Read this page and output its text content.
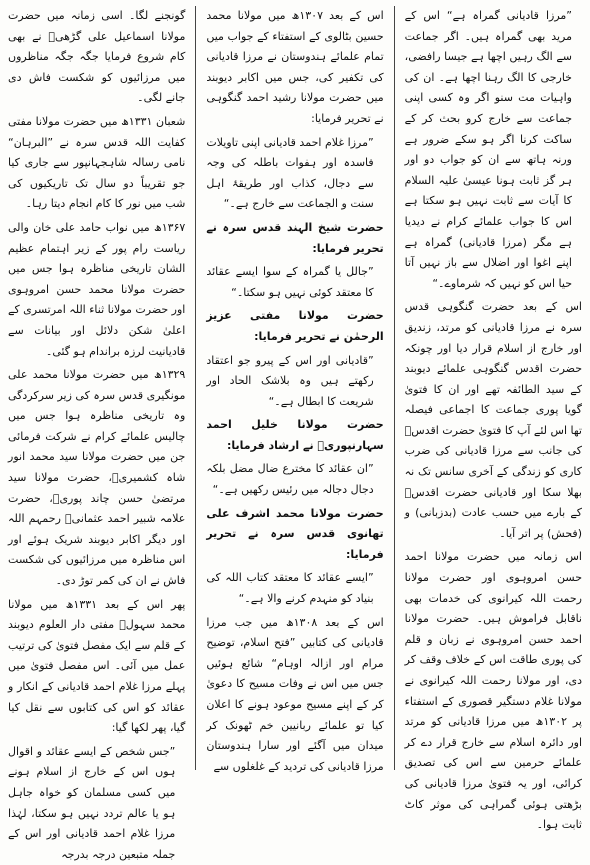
”مرزا قادیانی گمراہ ہے“ اس کے مرید بھی گمراہ ہیں۔ اگر جماعت سے الگ رہیں اچھا ہے جیسا رافضی، خارجی کا الگ رہنا اچھا ہے۔ ان کی واہیات مت سنو اگر وہ کسی اپنی جماعت سے خارج کرو بحث کر کے ساکت کرنا اگر ہو سکے ضرور ہے ورنہ ہاتھ سے ان کو جواب دو اور ہر گز ثابت ہونا عیسیٰ علیہ السلام کا آیات سے ثابت نہیں ہو سکتا ہے اس کا جواب علمائے کرام نے دیدیا ہے مگر (مرزا قادیانی) گمراہ ہے اپنے اغوا اور اضلال سے باز نہیں آتا حیا اس کو نہیں کہ شرماوے۔“

اس کے بعد حضرت گنگوہی قدس سرہ نے مرزا قادیانی کو مرتد، زندیق اور خارج از اسلام قرار دیا اور چونکہ حضرت اقدس گنگوہی علمائے دیوبند کے سید الطائفہ تھے اور ان کا فتویٰ گویا پوری جماعت کا اجماعی فیصلہ تھا اس لئے آپ کا فتویٰ حضرت اقدسؒ کی جانب سے مرزا قادیانی کی ضرب کاری کو زندگی کے آخری سانس تک نہ بھلا سکا اور قادیانی حضرت اقدسؒ کے بارے میں حسب عادت (بدزبانی) و (فحش) پر اتر آیا۔

اس زمانہ میں حضرت مولانا احمد حسن امروہوی اور حضرت مولانا رحمت اللہ کیرانوی کی خدمات بھی ناقابل فراموش ہیں۔ حضرت مولانا احمد حسن امروہوی نے زبان و قلم کی پوری طاقت اس کے خلاف وقف کر دی، اور مولانا رحمت اللہ کیرانوی نے مولانا غلام دستگیر قصوری کے استفتاء پر ۱۳۰۲ھ میں مرزا قادیانی کو مرتد اور دائرہ اسلام سے خارج قرار دے کر علمائے حرمین سے اس کی تصدیق کرائی، اور یہ فتویٰ مرزا قادیانی کی بڑھتی ہوئی گمراہی کی موثر کاٹ ثابت ہوا۔

اس کے بعد ۱۳۰۷ھ میں مولانا محمد حسین بٹالوی کے استفتاء کے جواب میں تمام علمائے ہندوستان نے مرزا قادیانی کی تکفیر کی، جس میں اکابر دیوبند میں حضرت مولانا رشید احمد گنگوہی نے تحریر فرمایا:

”مرزا غلام احمد قادیانی اپنی تاویلات فاسدہ اور ہفوات باطلہ کی وجہ سے دجال، کذاب اور طریقۂ اہل سنت و الجماعت سے خارج ہے۔“

حضرت شیخ الہند قدس سرہ نے تحریر فرمایا:

”جالل یا گمراہ کے سوا ایسے عقائد کا معتقد کوئی نہیں ہو سکتا۔“

حضرت مولانا مفتی عزیز الرحمٰن نے تحریر فرمایا:

”قادیانی اور اس کے پیرو جو اعتقاد رکھتے ہیں وہ بلاشک الحاد اور شریعت کا ابطال ہے۔“

حضرت مولانا خلیل احمد سہارنپوریؒ نے ارشاد فرمایا:

”ان عقائد کا مخترع ضال مضل بلکہ دجال دجالہ میں رئیس رکھیں ہے۔“

حضرت مولانا محمد اشرف علی تھانوی قدس سرہ نے تحریر فرمایا:

”ایسے عقائد کا معتقد کتاب اللہ کی بنیاد کو منہدم کرنے والا ہے۔“

اس کے بعد ۱۳۰۸ھ میں جب مرزا قادیانی کی کتابیں ”فتح اسلام، توضیح مرام اور ازالہ اوہام“ شائع ہوئیں جس میں اس نے وفات مسیح کا دعویٰ کر کے اپنے مسیح موعود ہونے کا اعلان کیا تو علمائے ربانیین خم ٹھونک کر میدان میں آگئے اور سارا ہندوستان مرزا قادیانی کی تردید کے غلغلوں سے

گونجنے لگا۔ اسی زمانہ میں حضرت مولانا اسماعیل علی گڑھیؒ نے بھی کام شروع فرمایا جگہ جگہ مناظروں میں مرزائیوں کو شکست فاش دی جانے لگی۔

شعبان ۱۳۳۱ھ میں حضرت مولانا مفتی کفایت اللہ قدس سرہ نے ”البرہان“ نامی رسالہ شاہجہانپور سے جاری کیا جو تقریباً دو سال تک تاریکیوں کی شب میں نور کا کام انجام دیتا رہا۔

۱۳۶۷ھ میں نواب حامد علی خان والی ریاست رام پور کے زیر اہتمام عظیم الشان تاریخی مناظرہ ہوا جس میں حضرت مولانا محمد حسن امروہوی اور حضرت مولانا ثناء اللہ امرتسری کے اعلیٰ شکن دلائل اور بیانات سے قادیانیت لرزہ براندام ہو گئی۔

۱۳۲۹ھ میں حضرت مولانا محمد علی مونگیری قدس سرہ کی زیر سرکردگی وہ تاریخی مناظرہ ہوا جس میں چالیس علمائے کرام نے شرکت فرمائی جن میں حضرت مولانا سید محمد انور شاہ کشمیریؒ، حضرت مولانا سید مرتضیٰ حسن چاند پوریؒ، حضرت علامہ شبیر احمد عثمانیؒ رحمہم اللہ اور دیگر اکابر دیوبند شریک ہوئے اور اس مناظرہ میں مرزائیوں کی شکست فاش نے ان کی کمر توڑ دی۔

پھر اس کے بعد ۱۳۳۱ھ میں مولانا محمد سہولؒ مفتی دار العلوم دیوبند کے قلم سے ایک مفصل فتویٰ کی ترتیب عمل میں آئی۔ اس مفصل فتویٰ میں پہلے مرزا غلام احمد قادیانی کے انکار و عقائد کو اس کی کتابوں سے نقل کیا گیا، پھر لکھا گیا:

”جس شخص کے ایسے عقائد و اقوال ہوں اس کے خارج از اسلام ہونے میں کسی مسلمان کو خواہ جاہل ہو یا عالم تردد نہیں ہو سکتا، لہٰذا مرزا غلام احمد قادیانی اور اس کے جملہ متبعین درجہ بدرجہ
